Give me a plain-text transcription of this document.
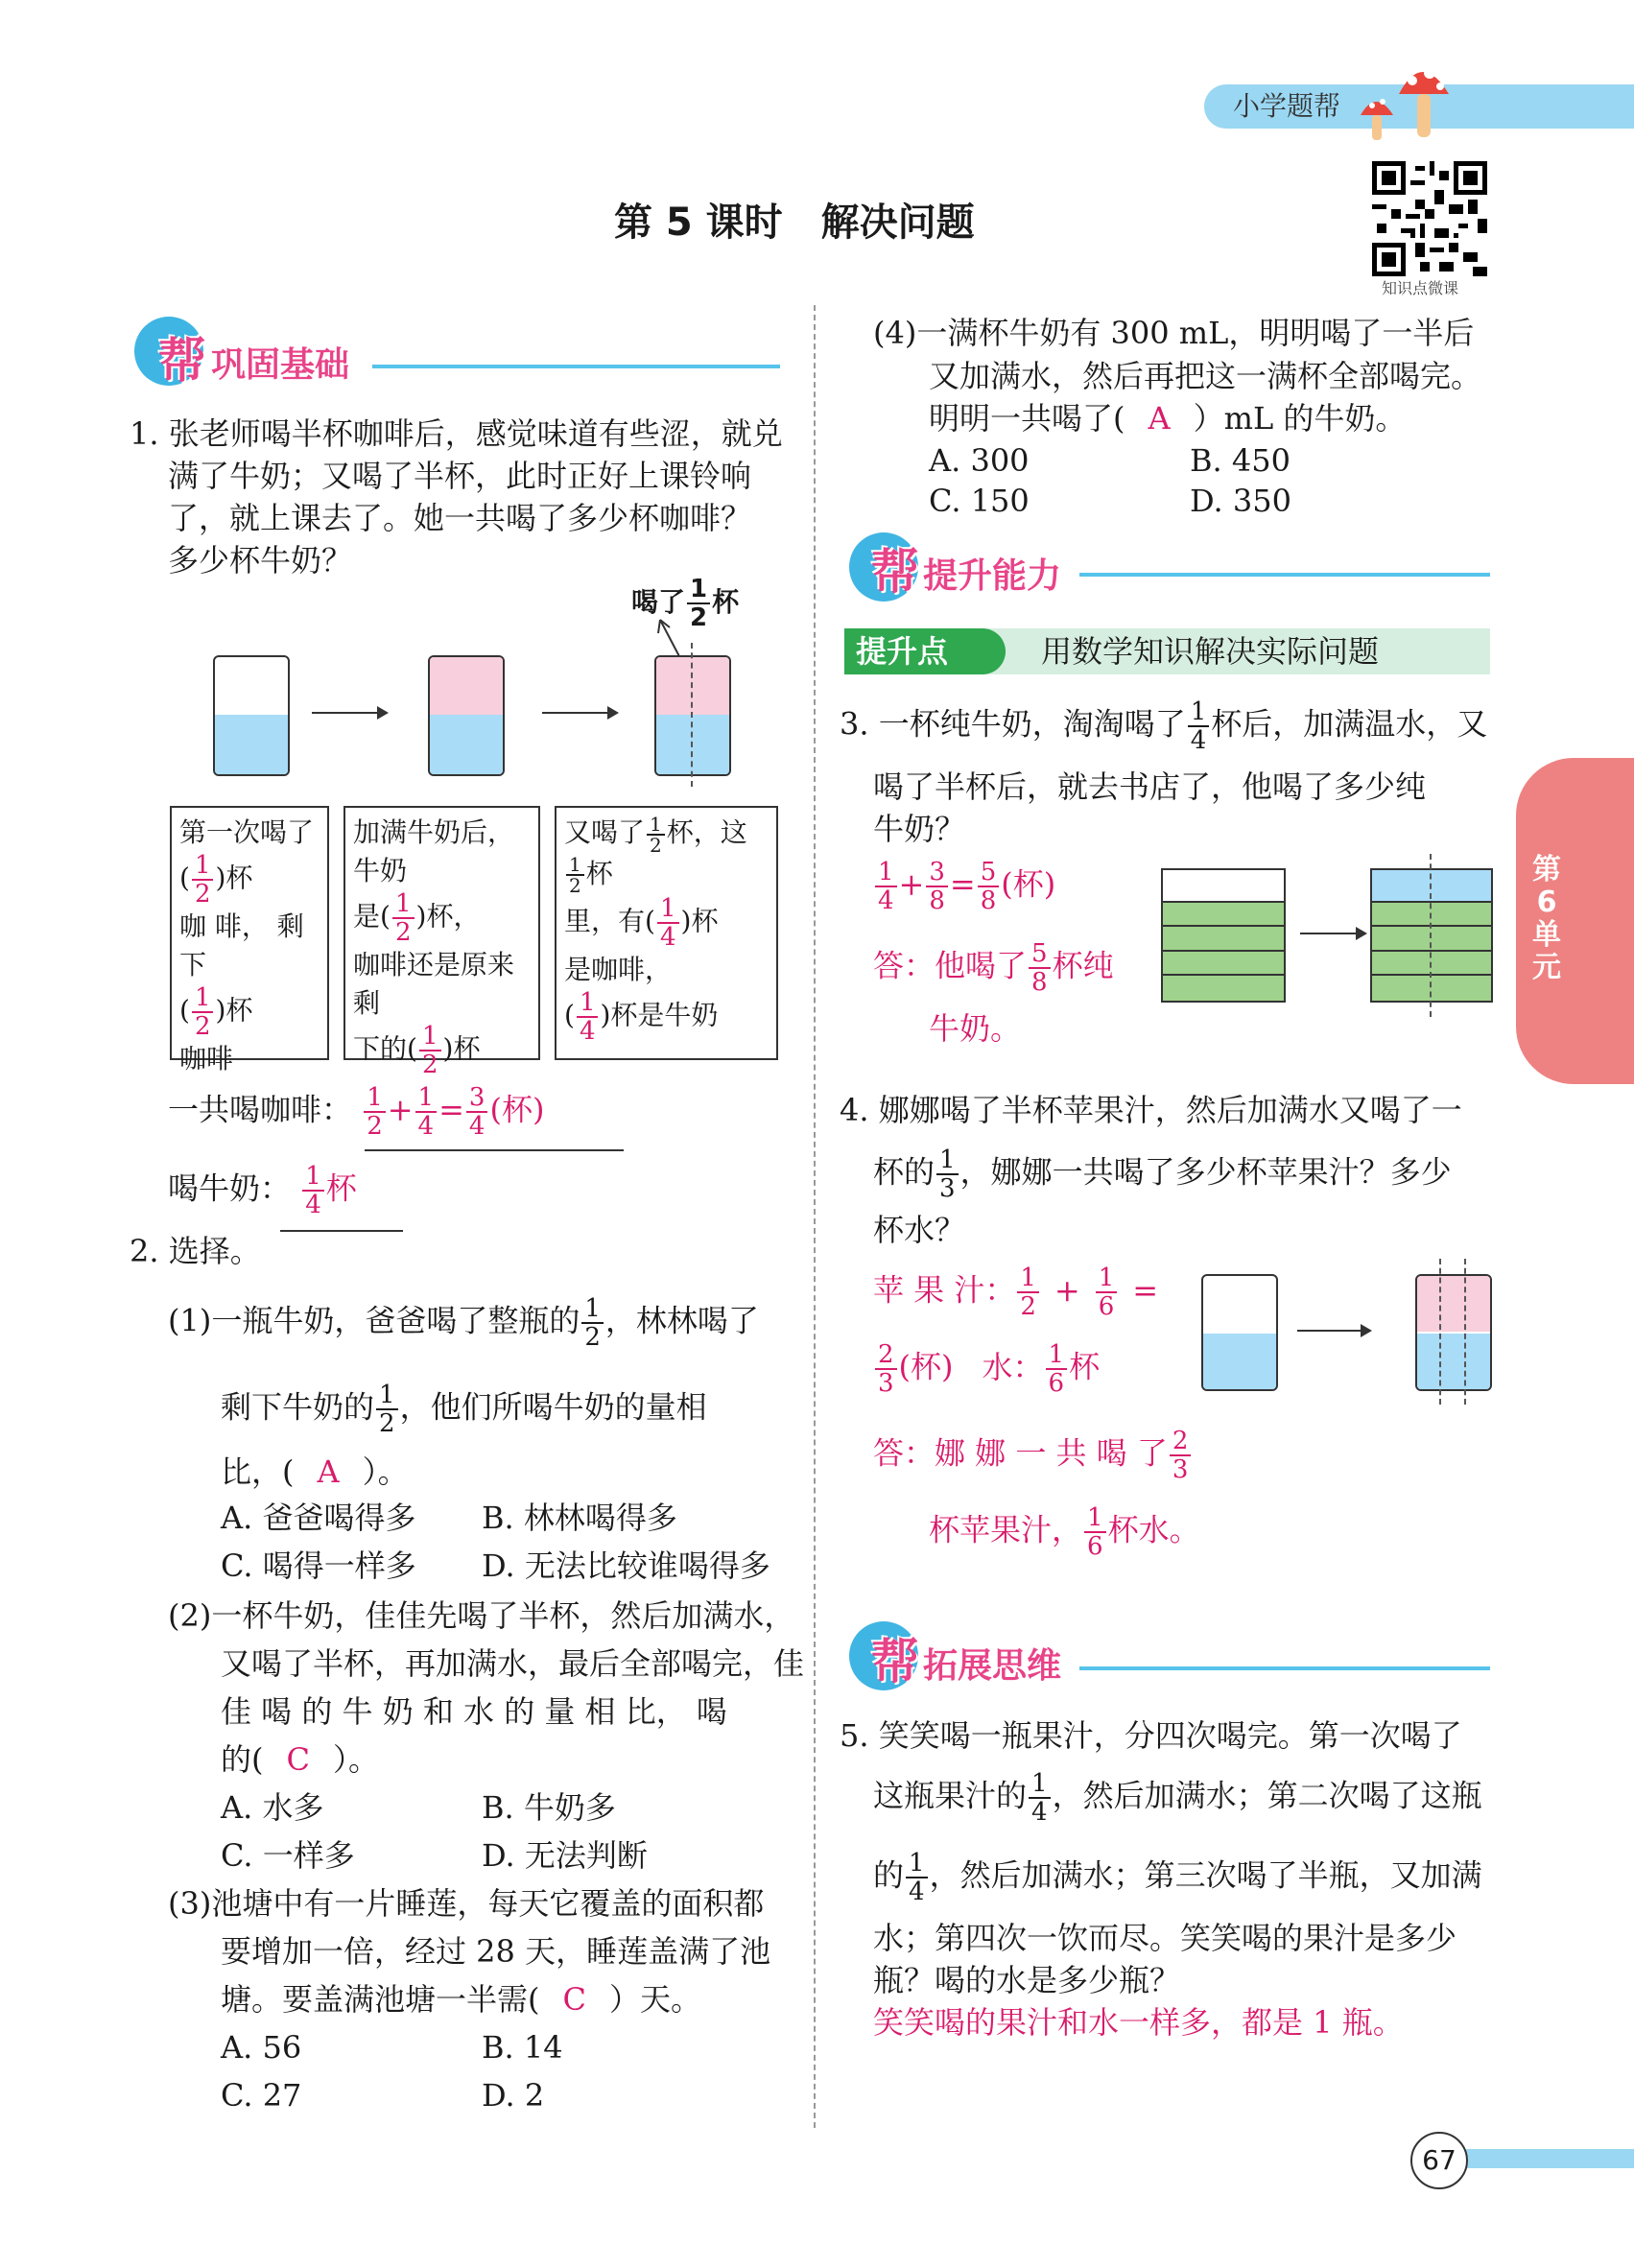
小学题帮
知识点微课
第 5 课时　解决问题
帮 巩固基础
1. 张老师喝半杯咖啡后，感觉味道有些涩，就兑
满了牛奶；又喝了半杯，此时正好上课铃响
了，就上课去了。她一共喝了多少杯咖啡？
多少杯牛奶？
喝了 $\frac{1}{2}$ 杯
第一次喝了
( $\frac{1}{2}$ )杯
咖 啡， 剩 下
( $\frac{1}{2}$ )杯
咖啡
加满牛奶后，牛奶
是( $\frac{1}{2}$ )杯，
咖啡还是原来剩
下的( $\frac{1}{2}$ )杯
又喝了 $\frac{1}{2}$ 杯，这
$\frac{1}{2}$ 杯
里，有( $\frac{1}{4}$ )杯
是咖啡，
( $\frac{1}{4}$ )杯是牛奶
一共喝咖啡： $\frac{1}{2} + \frac{1}{4} = \frac{3}{4}$ (杯)
喝牛奶： $\frac{1}{4}$ 杯
2. 选择。
(1)一瓶牛奶，爸爸喝了整瓶的 $\frac{1}{2}$ ，林林喝了
剩下牛奶的 $\frac{1}{2}$ ，他们所喝牛奶的量相
比，( A ）。
A. 爸爸喝得多 B. 林林喝得多
C. 喝得一样多 D. 无法比较谁喝得多
(2)一杯牛奶，佳佳先喝了半杯，然后加满水，
又喝了半杯，再加满水，最后全部喝完，佳
佳 喝 的 牛 奶 和 水 的 量 相 比， 喝
的( C ）。
A. 水多	B. 牛奶多
C. 一样多	D. 无法判断
(3)池塘中有一片睡莲，每天它覆盖的面积都
要增加一倍，经过 28 天，睡莲盖满了池
塘。要盖满池塘一半需( C ）天。
A. 56	B. 14
C. 27	D. 2
(4)一满杯牛奶有 300 mL，明明喝了一半后
又加满水，然后再把这一满杯全部喝完。
明明一共喝了( A ）mL 的牛奶。
A. 300	B. 450
C. 150	D. 350
帮 提升能力
提升点	用数学知识解决实际问题
3. 一杯纯牛奶，淘淘喝了 $\frac{1}{4}$ 杯后，加满温水，又
喝了半杯后，就去书店了，他喝了多少纯
牛奶？
$\frac{1}{4} + \frac{3}{8} = \frac{5}{8}$ (杯)
答：他喝了 $\frac{5}{8}$ 杯纯
牛奶。
4. 娜娜喝了半杯苹果汁，然后加满水又喝了一
杯的 $\frac{1}{3}$ ，娜娜一共喝了多少杯苹果汁？多少
杯水？
苹 果 汁： $\frac{1}{2} + \frac{1}{6}$ =
$\frac{2}{3}$ (杯) 水： $\frac{1}{6}$ 杯
答：娜 娜 一 共 喝 了 $\frac{2}{3}$
杯苹果汁， $\frac{1}{6}$ 杯水。
帮 拓展思维
5. 笑笑喝一瓶果汁，分四次喝完。第一次喝了
这瓶果汁的 $\frac{1}{4}$ ，然后加满水；第二次喝了这瓶
的 $\frac{1}{4}$ ，然后加满水；第三次喝了半瓶，又加满
水；第四次一饮而尽。笑笑喝的果汁是多少
瓶？喝的水是多少瓶？
笑笑喝的果汁和水一样多，都是 1 瓶。
第
6
单
元
67
